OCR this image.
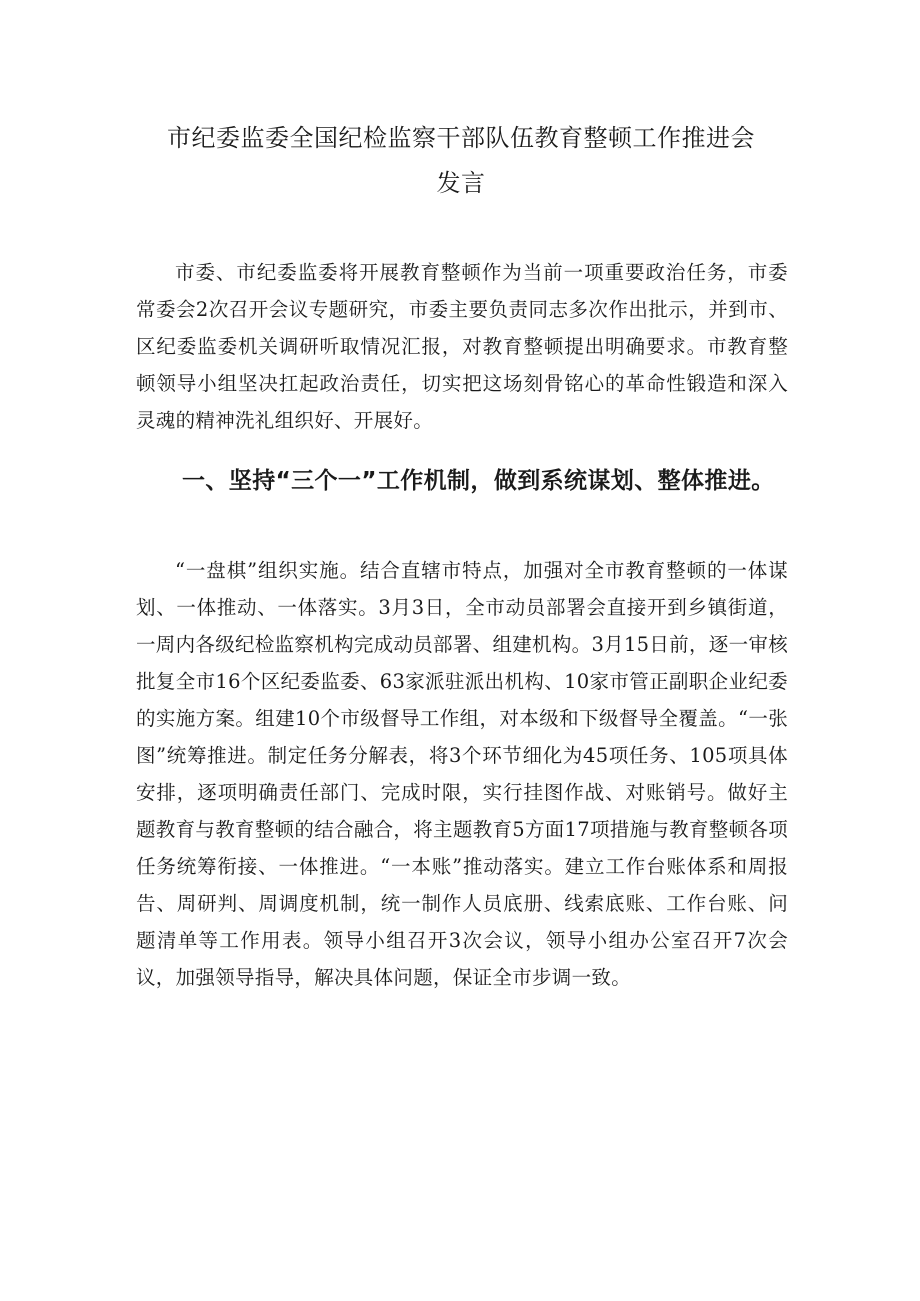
市纪委监委全国纪检监察干部队伍教育整顿工作推进会
发言

市委、市纪委监委将开展教育整顿作为当前一项重要政治任务，市委常委会2次召开会议专题研究，市委主要负责同志多次作出批示，并到市、区纪委监委机关调研听取情况汇报，对教育整顿提出明确要求。市教育整顿领导小组坚决扛起政治责任，切实把这场刻骨铭心的革命性锻造和深入灵魂的精神洗礼组织好、开展好。

一、坚持“三个一”工作机制，做到系统谋划、整体推进。

“一盘棋”组织实施。结合直辖市特点，加强对全市教育整顿的一体谋划、一体推动、一体落实。3月3日，全市动员部署会直接开到乡镇街道，一周内各级纪检监察机构完成动员部署、组建机构。3月15日前，逐一审核批复全市16个区纪委监委、63家派驻派出机构、10家市管正副职企业纪委的实施方案。组建10个市级督导工作组，对本级和下级督导全覆盖。“一张图”统筹推进。制定任务分解表，将3个环节细化为45项任务、105项具体安排，逐项明确责任部门、完成时限，实行挂图作战、对账销号。做好主题教育与教育整顿的结合融合，将主题教育5方面17项措施与教育整顿各项任务统筹衔接、一体推进。“一本账”推动落实。建立工作台账体系和周报告、周研判、周调度机制，统一制作人员底册、线索底账、工作台账、问题清单等工作用表。领导小组召开3次会议，领导小组办公室召开7次会议，加强领导指导，解决具体问题，保证全市步调一致。
